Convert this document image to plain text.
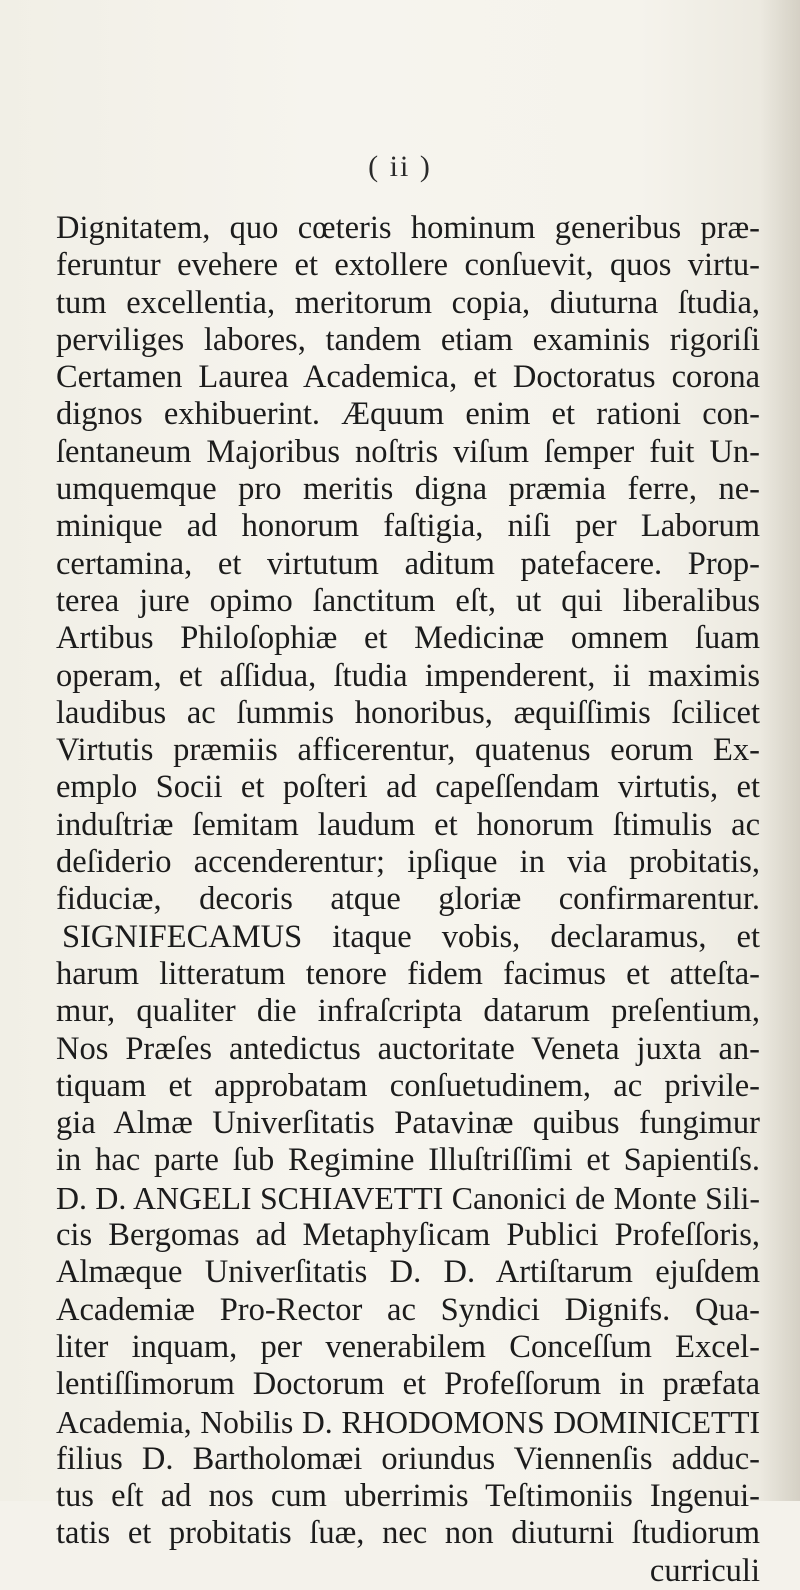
( ii )
Dignitatem, quo cœteris hominum generibus præ-
feruntur evehere et extollere conſuevit, quos virtu-
tum excellentia, meritorum copia, diuturna ſtudia,
perviliges labores, tandem etiam examinis rigoriſi
Certamen Laurea Academica, et Doctoratus corona
dignos exhibuerint. Æquum enim et rationi con-
ſentaneum Majoribus noſtris viſum ſemper fuit Un-
umquemque pro meritis digna præmia ferre, ne-
minique ad honorum faſtigia, niſi per Laborum
certamina, et virtutum aditum patefacere. Prop-
terea jure opimo ſanctitum eſt, ut qui liberalibus
Artibus Philoſophiæ et Medicinæ omnem ſuam
operam, et aſſidua, ſtudia impenderent, ii maximis
laudibus ac ſummis honoribus, æquiſſimis ſcilicet
Virtutis præmiis afficerentur, quatenus eorum Ex-
emplo Socii et poſteri ad capeſſendam virtutis, et
induſtriæ ſemitam laudum et honorum ſtimulis ac
deſiderio accenderentur; ipſique in via probitatis,
fiduciæ, decoris atque gloriæ confirmarentur.
SIGNIFECAMUS itaque vobis, declaramus, et
harum litteratum tenore fidem facimus et atteſta-
mur, qualiter die infraſcripta datarum preſentium,
Nos Præſes antedictus auctoritate Veneta juxta an-
tiquam et approbatam conſuetudinem, ac privile-
gia Almæ Univerſitatis Patavinæ quibus fungimur
in hac parte ſub Regimine Illuſtriſſimi et Sapientiſs.
D. D. ANGELI SCHIAVETTI Canonici de Monte Sili-
cis Bergomas ad Metaphyſicam Publici Profeſſoris,
Almæque Univerſitatis D. D. Artiſtarum ejuſdem
Academiæ Pro-Rector ac Syndici Dignifs. Qua-
liter inquam, per venerabilem Conceſſum Excel-
lentiſſimorum Doctorum et Profeſſorum in præfata
Academia, Nobilis D. RHODOMONS DOMINICETTI
filius D. Bartholomæi oriundus Viennenſis adduc-
tus eſt ad nos cum uberrimis Teſtimoniis Ingenui-
tatis et probitatis ſuæ, nec non diuturni ſtudiorum
curriculi
